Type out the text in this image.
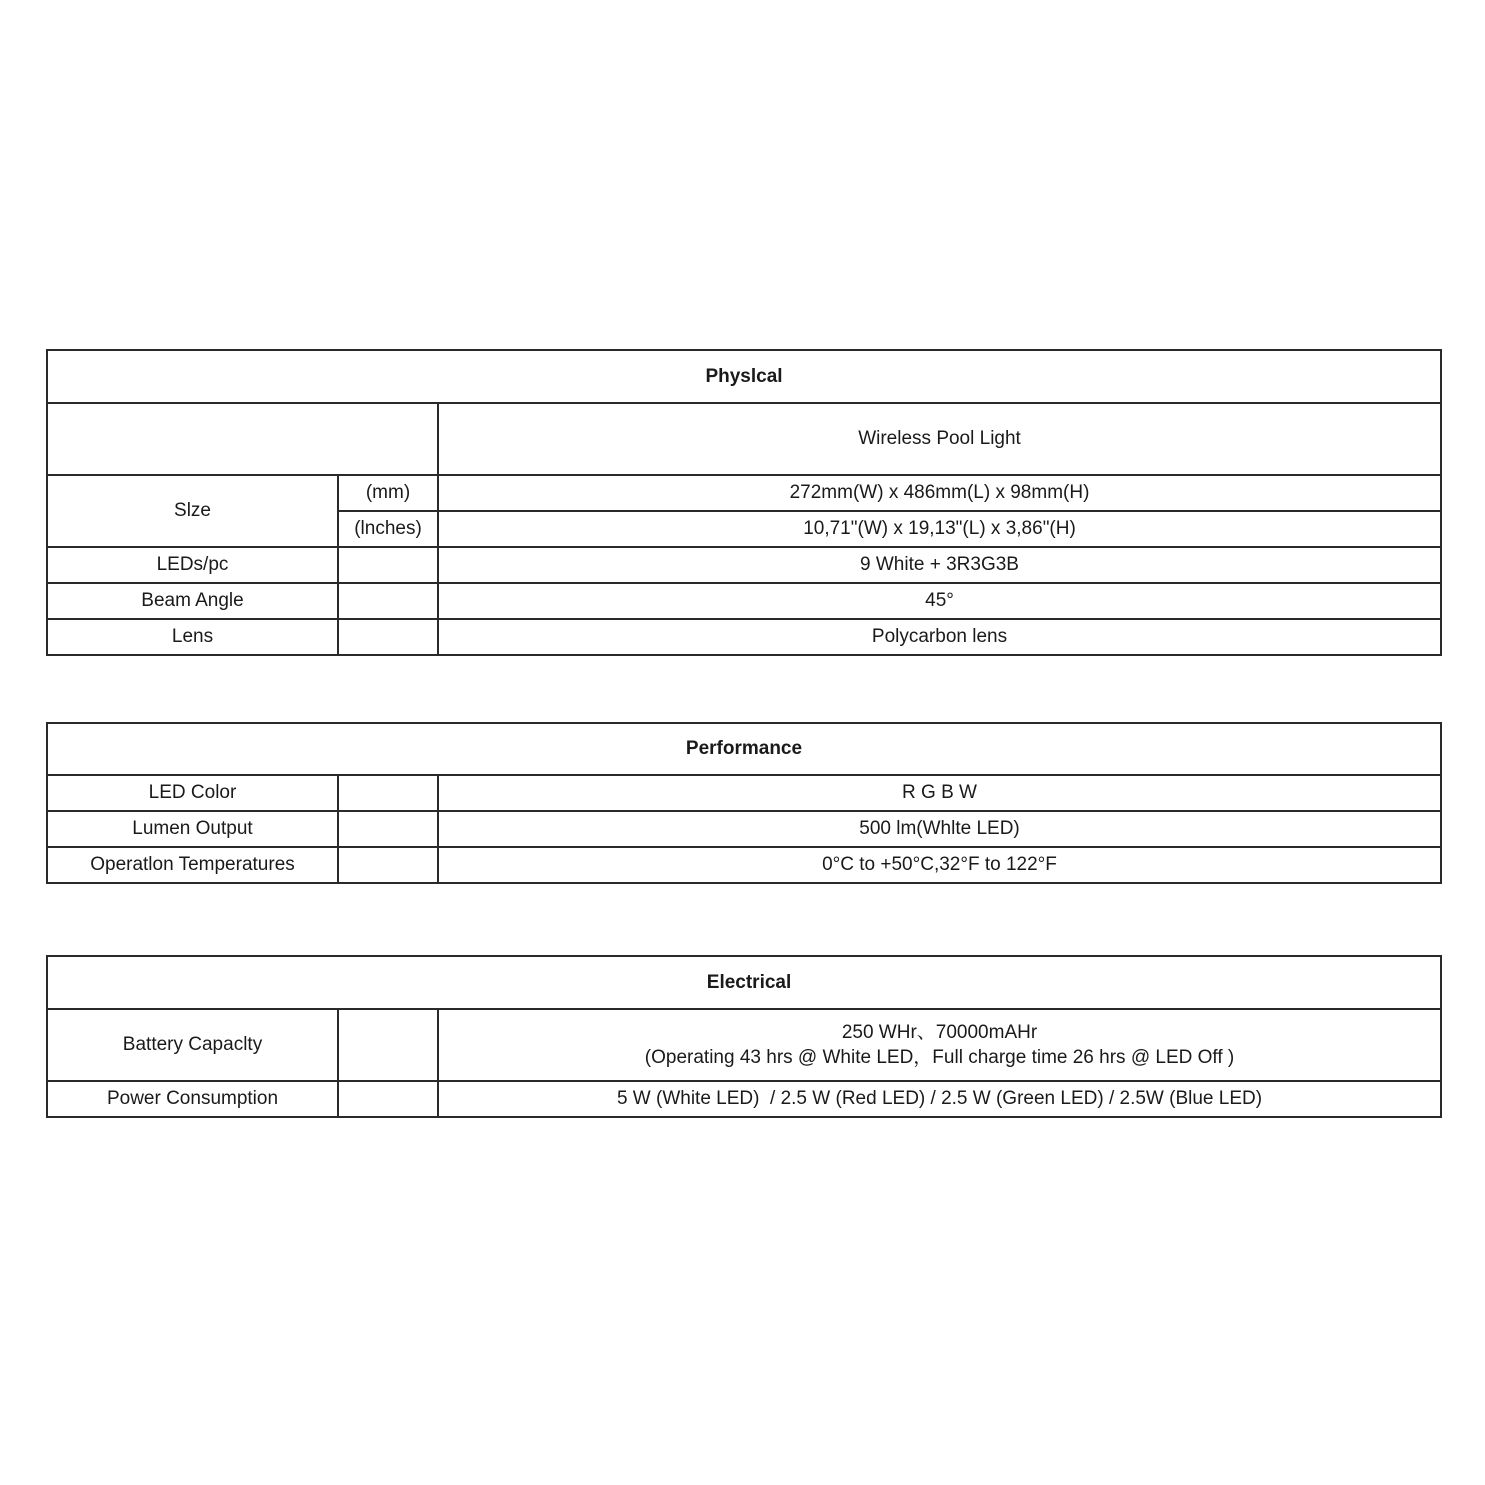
Physlcal		
		Wireless Pool Light
Slze	(mm)	272mm(W) x 486mm(L) x 98mm(H)
	(lnches)	10,71"(W) x 19,13"(L) x 3,86"(H)
LEDs/pc		9 White + 3R3G3B
Beam Angle		45°
Lens		Polycarbon lens
Performance		
LED Color		R G B W
Lumen Output		500 lm(Whlte LED)
Operatlon Temperatures		0°C to +50°C,32°F to 122°F
Electrical		
Battery Capaclty		250 WHr、70000mAHr
(Operating 43 hrs @ White LED，Full charge time 26 hrs @ LED Off )

Power Consumption		5 W (White LED)  / 2.5 W (Red LED) / 2.5 W (Green LED) / 2.5W (Blue LED)
